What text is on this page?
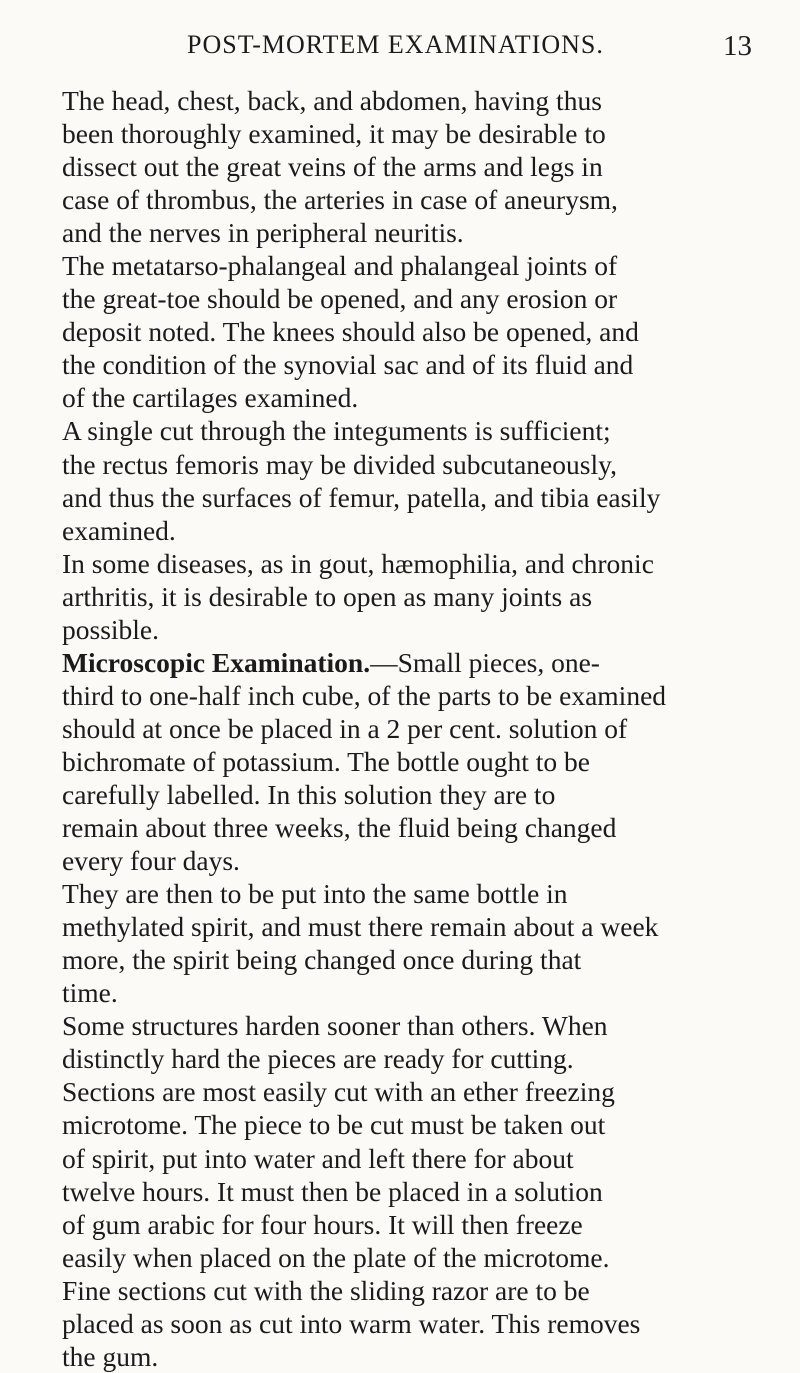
POST-MORTEM EXAMINATIONS.	13
The head, chest, back, and abdomen, having thus
been thoroughly examined, it may be desirable to
dissect out the great veins of the arms and legs in
case of thrombus, the arteries in case of aneurysm,
and the nerves in peripheral neuritis.
The metatarso-phalangeal and phalangeal joints of
the great-toe should be opened, and any erosion or
deposit noted. The knees should also be opened, and
the condition of the synovial sac and of its fluid and
of the cartilages examined.
A single cut through the integuments is sufficient;
the rectus femoris may be divided subcutaneously,
and thus the surfaces of femur, patella, and tibia easily
examined.
In some diseases, as in gout, hæmophilia, and chronic
arthritis, it is desirable to open as many joints as
possible.
Microscopic Examination.—Small pieces, one-
third to one-half inch cube, of the parts to be examined
should at once be placed in a 2 per cent. solution of
bichromate of potassium. The bottle ought to be
carefully labelled. In this solution they are to
remain about three weeks, the fluid being changed
every four days.
They are then to be put into the same bottle in
methylated spirit, and must there remain about a week
more, the spirit being changed once during that
time.
Some structures harden sooner than others. When
distinctly hard the pieces are ready for cutting.
Sections are most easily cut with an ether freezing
microtome. The piece to be cut must be taken out
of spirit, put into water and left there for about
twelve hours. It must then be placed in a solution
of gum arabic for four hours. It will then freeze
easily when placed on the plate of the microtome.
Fine sections cut with the sliding razor are to be
placed as soon as cut into warm water. This removes
the gum.
